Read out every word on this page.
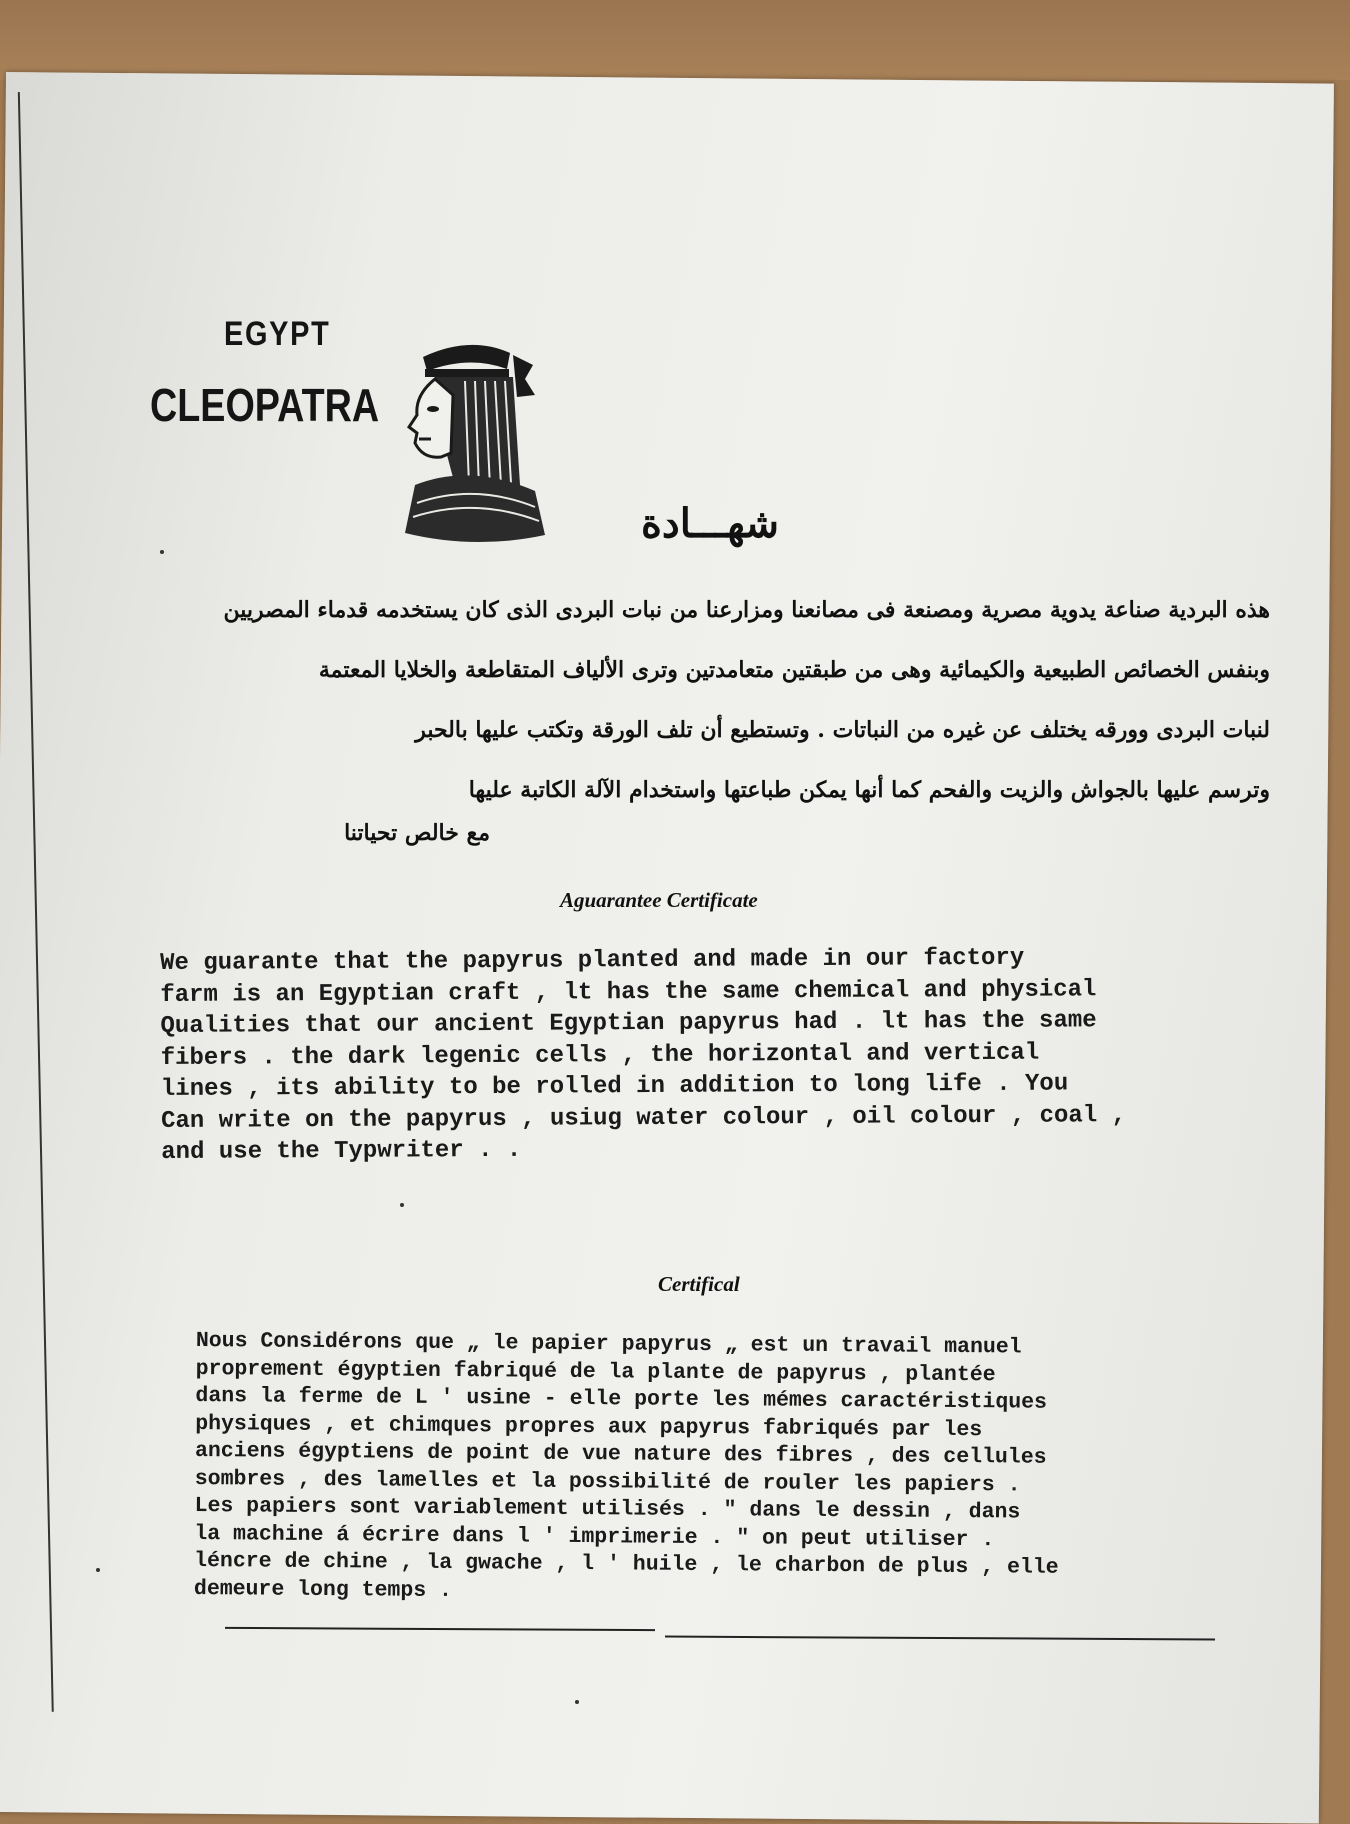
EGYPT
CLEOPATRA
شهـــادة
هذه البردية صناعة يدوية مصرية ومصنعة فى مصانعنا ومزارعنا من نبات البردى الذى كان يستخدمه قدماء المصريين
وبنفس الخصائص الطبيعية والكيمائية وهى من طبقتين متعامدتين وترى الألياف المتقاطعة والخلايا المعتمة
لنبات البردى وورقه يختلف عن غيره من النباتات . وتستطيع أن تلف الورقة وتكتب عليها بالحبر
وترسم عليها بالجواش والزيت والفحم كما أنها يمكن طباعتها واستخدام الآلة الكاتبة عليها
مع خالص تحياتنا
Aguarantee Certificate
We guarante that the papyrus planted and made in our factory
farm is an Egyptian craft , lt has the same chemical and physical
Qualities that our ancient Egyptian papyrus had . lt has the same
fibers . the dark legenic cells , the horizontal and vertical
lines , its ability to be rolled in addition to long life . You
Can write on the papyrus , usiug water colour , oil colour , coal ,
and use the Typwriter . .
Certifical
Nous Considérons que „ le papier papyrus „ est un travail manuel
proprement égyptien fabriqué de la plante de papyrus , plantée
dans la ferme de L ' usine - elle porte les mémes caractéristiques
physiques , et chimques propres aux papyrus fabriqués par les
anciens égyptiens de point de vue nature des fibres , des cellules
sombres , des lamelles et la possibilité de rouler les papiers .
Les papiers sont variablement utilisés . " dans le dessin , dans
la machine á écrire dans l ' imprimerie . " on peut utiliser .
léncre de chine , la gwache , l ' huile , le charbon de plus , elle
demeure long temps .
